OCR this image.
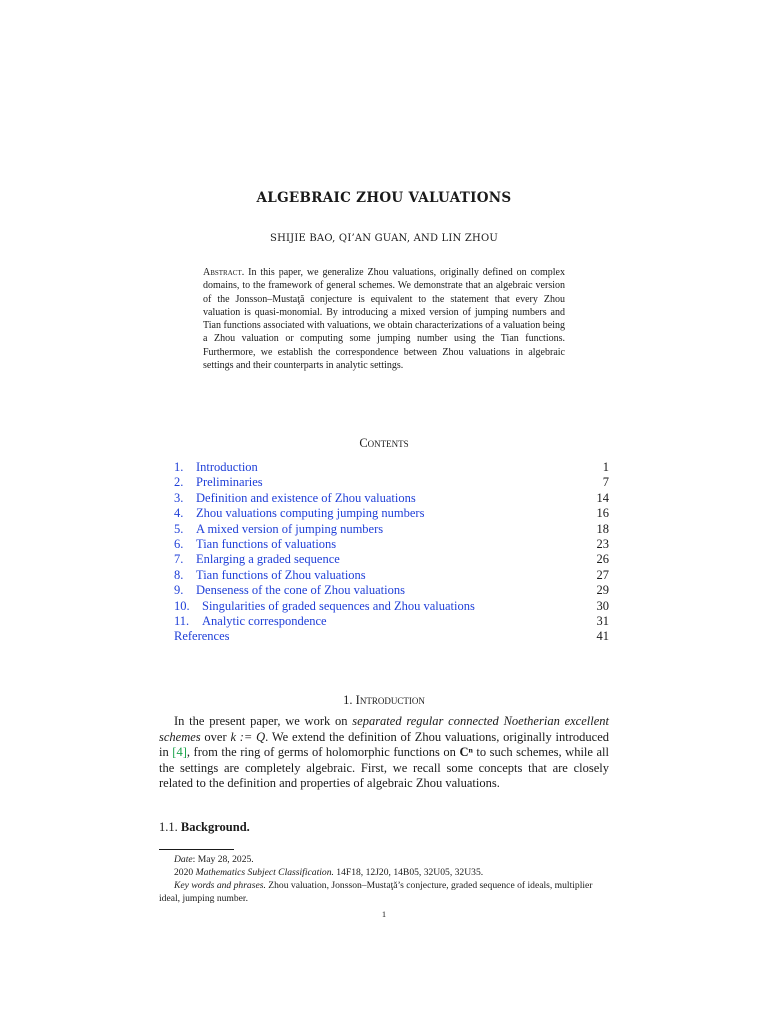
ALGEBRAIC ZHOU VALUATIONS
SHIJIE BAO, QI’AN GUAN, AND LIN ZHOU
Abstract. In this paper, we generalize Zhou valuations, originally defined on complex domains, to the framework of general schemes. We demonstrate that an algebraic version of the Jonsson–Mustaţă conjecture is equivalent to the statement that every Zhou valuation is quasi-monomial. By introducing a mixed version of jumping numbers and Tian functions associated with valuations, we obtain characterizations of a valuation being a Zhou valuation or computing some jumping number using the Tian functions. Furthermore, we establish the correspondence between Zhou valuations in algebraic settings and their counterparts in analytic settings.
Contents
1. Introduction	1
2. Preliminaries	7
3. Definition and existence of Zhou valuations	14
4. Zhou valuations computing jumping numbers	16
5. A mixed version of jumping numbers	18
6. Tian functions of valuations	23
7. Enlarging a graded sequence	26
8. Tian functions of Zhou valuations	27
9. Denseness of the cone of Zhou valuations	29
10. Singularities of graded sequences and Zhou valuations	30
11. Analytic correspondence	31
References	41
1. Introduction

In the present paper, we work on separated regular connected Noetherian excellent schemes over k := Q. We extend the definition of Zhou valuations, originally introduced in [4], from the ring of germs of holomorphic functions on Cⁿ to such schemes, while all the settings are completely algebraic. First, we recall some concepts that are closely related to the definition and properties of algebraic Zhou valuations.

1.1. Background.
Date: May 28, 2025.
2020 Mathematics Subject Classification. 14F18, 12J20, 14B05, 32U05, 32U35.
Key words and phrases. Zhou valuation, Jonsson–Mustaţă’s conjecture, graded sequence of ideals, multiplier ideal, jumping number.
1
